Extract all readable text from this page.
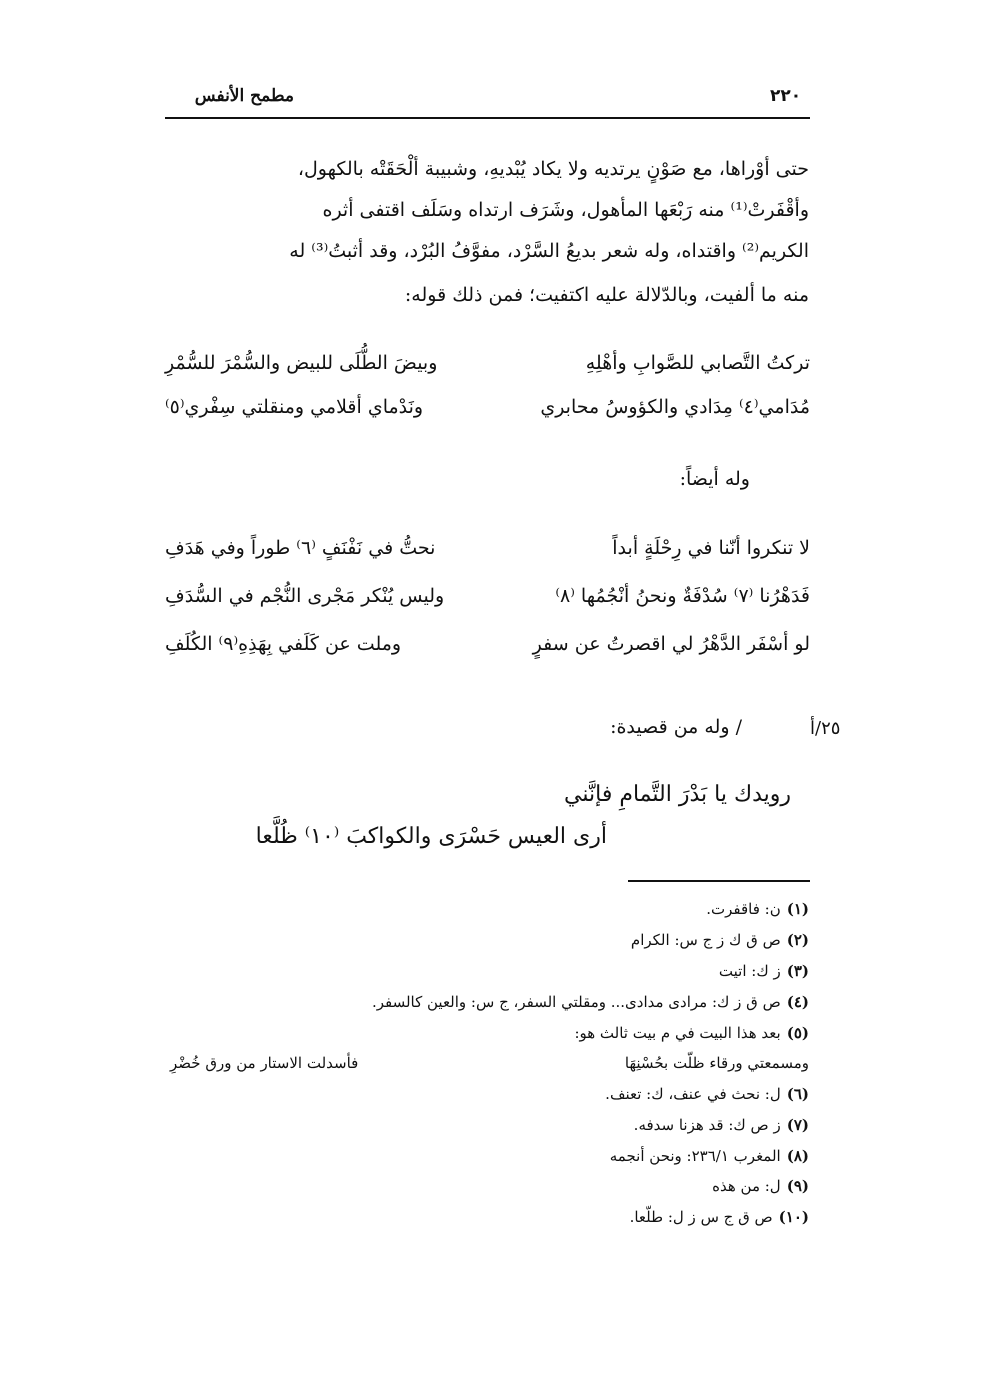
مطمح الأنفس	٢٢٠
حتى أوْراها، مع صَوْنٍ يرتديه ولا يكاد يُبْديهِ، وشبيبة ألْحَقَتْه بالكهول،
وأقْفَرتْ⁽¹⁾ منه رَبْعَها المأهول، وشَرَف ارتداه وسَلَف اقتفى أثره
الكريم⁽²⁾ واقتداه، وله شعر بديعُ السَّرْد، مفوَّفُ البُرْد، وقد أثبتُ⁽³⁾ له
منه ما ألفيت، وبالدّلالة عليه اكتفيت؛ فمن ذلك قوله:
تركتُ التَّصابي للصَّوابِ وأهْلِهِ
وبيضَ الطُّلَى للبيض والسُّمْرَ للسُّمْرِ
مُدَامي⁽٤⁾ مِدَادي والكؤوسُ محابري
ونَدْماي أقلامي ومنقلتي سِفْري⁽٥⁾
وله أيضاً:
لا تنكروا أنّنا في رِحْلَةٍ أبداً
نحتُّ في نَفْنَفٍ ⁽٦⁾ طوراً وفي هَدَفِ
فَدَهْرُنا ⁽٧⁾ سُدْفَةٌ ونحنُ أنْجُمُها ⁽٨⁾
وليس يُنْكر مَجْرى النُّجْم في السُّدَفِ
لو أسْفَر الدَّهْرُ لي اقصرتُ عن سفرٍ
وملت عن كَلَفي بِهَذِهِ⁽٩⁾ الكُلَفِ
٢٥/أ
/ وله من قصيدة:
رويدك يا بَدْرَ التَّمامِ فإنَّني
أرى العيس حَسْرَى والكواكبَ ⁽١٠⁾ ظُلَّعا
(١)ن: فاقفرت.
(٢)ص ق ك ز ج س: الكرام
(٣)ز ك: اتيت
(٤)ص ق ز ك: مرادى مدادى... ومقلتي السفر، ج س: والعين كالسفر.
(٥)بعد هذا البيت في م بيت ثالث هو:
ومسمعتي ورقاء ظلّت بحُسْنِهَا
فأسدلت الاستار من ورق خُضْرِ
(٦)ل: نحث في عنف، ك: تعنف.
(٧)ز ص ك: قد هزنا سدفه.
(٨)المغرب ٢٣٦/١: ونحن أنجمه
(٩)ل: من هذه
(١٠)ص ق ج س ز ل: طلّعا.
